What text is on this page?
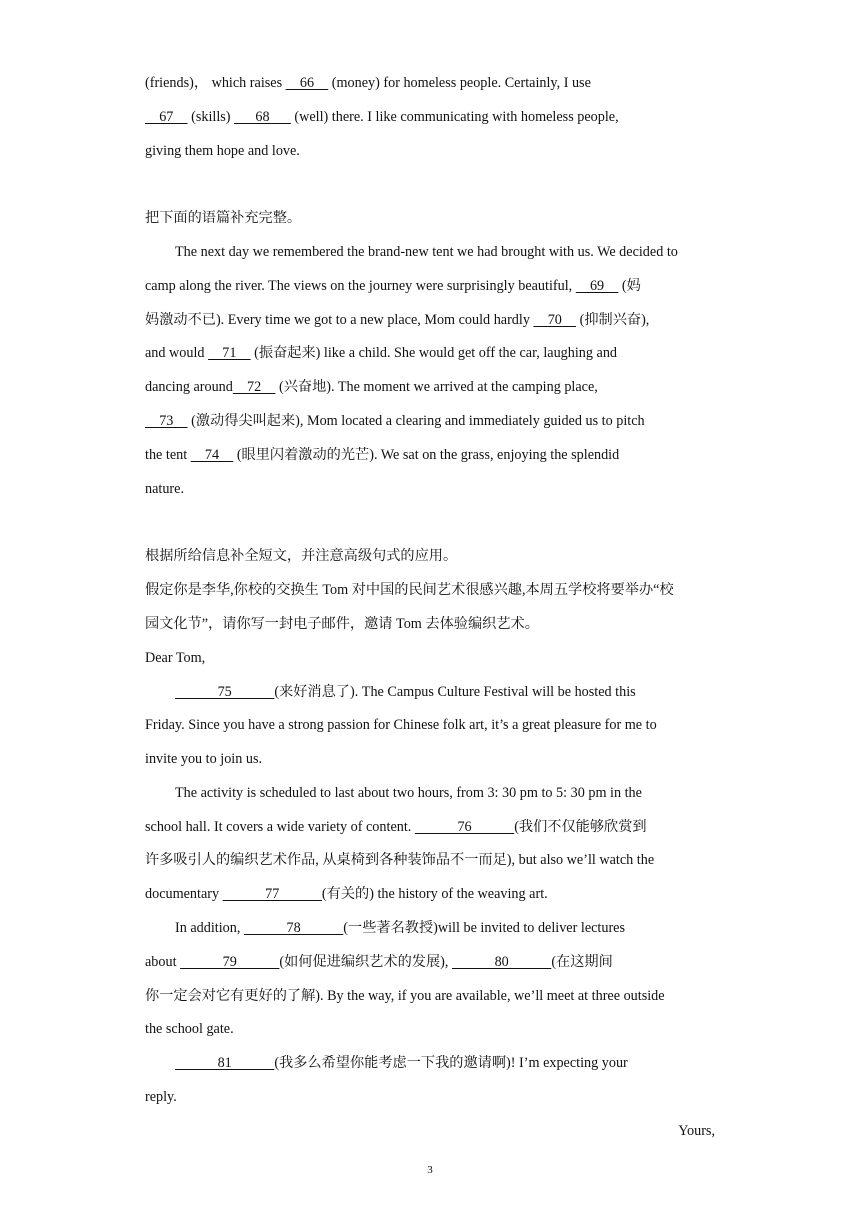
(friends)， which raises     66     (money) for homeless people. Certainly, I use
67     (skills)       68       (well) there. I like communicating with homeless people,
giving them hope and love.
把下面的语篇补充完整。
The next day we remembered the brand-new tent we had brought with us. We decided to
camp along the river. The views on the journey were surprisingly beautiful,     69     (妈
妈激动不已). Every time we got to a new place, Mom could hardly     70     (抑制兴奋),
and would     71     (振奋起来) like a child. She would get off the car, laughing and
dancing around    72     (兴奋地). The moment we arrived at the camping place,
73     (激动得尖叫起来), Mom located a clearing and immediately guided us to pitch
the tent     74     (眼里闪着激动的光芒). We sat on the grass, enjoying the splendid
nature.
根据所给信息补全短文，并注意高级句式的应用。
假定你是李华,你校的交换生 Tom 对中国的民间艺术很感兴趣,本周五学校将要举办“校
园文化节”，请你写一封电子邮件，邀请 Tom 去体验编织艺术。
Dear Tom,
75            (来好消息了). The Campus Culture Festival will be hosted this
Friday. Since you have a strong passion for Chinese folk art, it’s a great pleasure for me to
invite you to join us.
The activity is scheduled to last about two hours, from 3: 30 pm to 5: 30 pm in the
school hall. It covers a wide variety of content.             76            (我们不仅能够欣赏到
许多吸引人的编织艺术作品, 从桌椅到各种装饰品不一而足), but also we’ll watch the
documentary             77            (有关的) the history of the weaving art.
In addition,             78            (一些著名教授)will be invited to deliver lectures
about             79            (如何促进编织艺术的发展),             80            (在这期间
你一定会对它有更好的了解). By the way, if you are available, we’ll meet at three outside
the school gate.
81            (我多么希望你能考虑一下我的邀请啊)! I’m expecting your
reply.
Yours,
3
